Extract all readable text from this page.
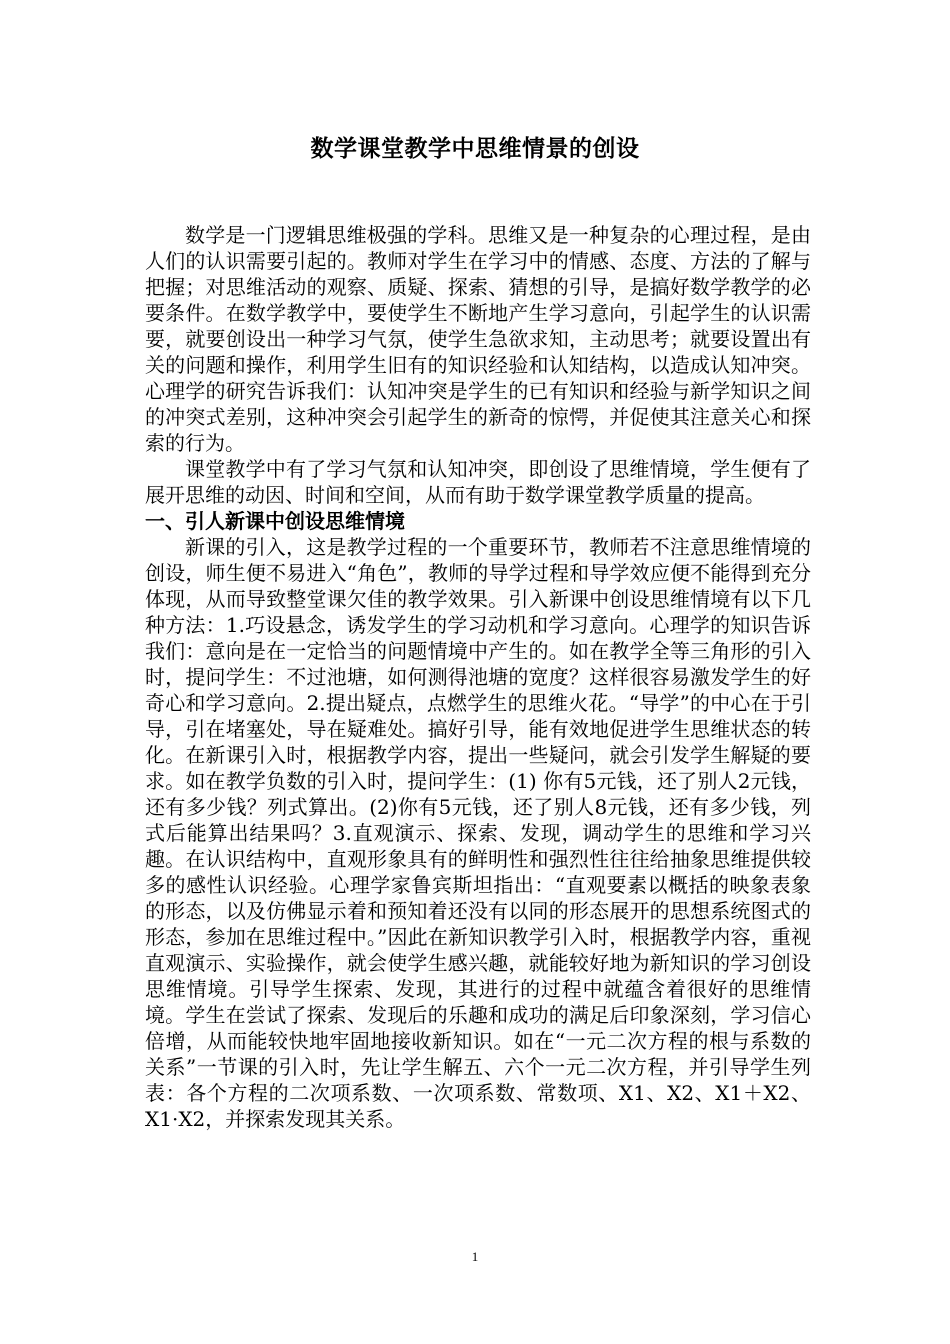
数学课堂教学中思维情景的创设

数学是一门逻辑思维极强的学科。思维又是一种复杂的心理过程，是由人们的认识需要引起的。教师对学生在学习中的情感、态度、方法的了解与把握；对思维活动的观察、质疑、探索、猜想的引导，是搞好数学教学的必要条件。在数学教学中，要使学生不断地产生学习意向，引起学生的认识需要，就要创设出一种学习气氛，使学生急欲求知，主动思考；就要设置出有关的问题和操作，利用学生旧有的知识经验和认知结构，以造成认知冲突。心理学的研究告诉我们：认知冲突是学生的已有知识和经验与新学知识之间的冲突式差别，这种冲突会引起学生的新奇的惊愕，并促使其注意关心和探索的行为。

课堂教学中有了学习气氛和认知冲突，即创设了思维情境，学生便有了展开思维的动因、时间和空间，从而有助于数学课堂教学质量的提高。

一、引人新课中创设思维情境

新课的引入，这是教学过程的一个重要环节，教师若不注意思维情境的创设，师生便不易进入“角色”，教师的导学过程和导学效应便不能得到充分体现，从而导致整堂课欠佳的教学效果。引入新课中创设思维情境有以下几种方法：1.巧设悬念，诱发学生的学习动机和学习意向。心理学的知识告诉我们：意向是在一定恰当的问题情境中产生的。如在教学全等三角形的引入时，提问学生：不过池塘，如何测得池塘的宽度？这样很容易激发学生的好奇心和学习意向。2.提出疑点，点燃学生的思维火花。“导学”的中心在于引导，引在堵塞处，导在疑难处。搞好引导，能有效地促进学生思维状态的转化。在新课引入时，根据教学内容，提出一些疑问，就会引发学生解疑的要求。如在教学负数的引入时，提问学生：(1) 你有5元钱，还了别人2元钱，还有多少钱？列式算出。(2)你有5元钱，还了别人8元钱，还有多少钱，列式后能算出结果吗？3.直观演示、探索、发现，调动学生的思维和学习兴趣。在认识结构中，直观形象具有的鲜明性和强烈性往往给抽象思维提供较多的感性认识经验。心理学家鲁宾斯坦指出：“直观要素以概括的映象表象的形态，以及仿佛显示着和预知着还没有以同的形态展开的思想系统图式的形态，参加在思维过程中。”因此在新知识教学引入时，根据教学内容，重视直观演示、实验操作，就会使学生感兴趣，就能较好地为新知识的学习创设思维情境。引导学生探索、发现，其进行的过程中就蕴含着很好的思维情境。学生在尝试了探索、发现后的乐趣和成功的满足后印象深刻，学习信心倍增，从而能较快地牢固地接收新知识。如在“一元二次方程的根与系数的关系”一节课的引入时，先让学生解五、六个一元二次方程，并引导学生列表：各个方程的二次项系数、一次项系数、常数项、X1、X2、X1＋X2、X1·X2，并探索发现其关系。

1
